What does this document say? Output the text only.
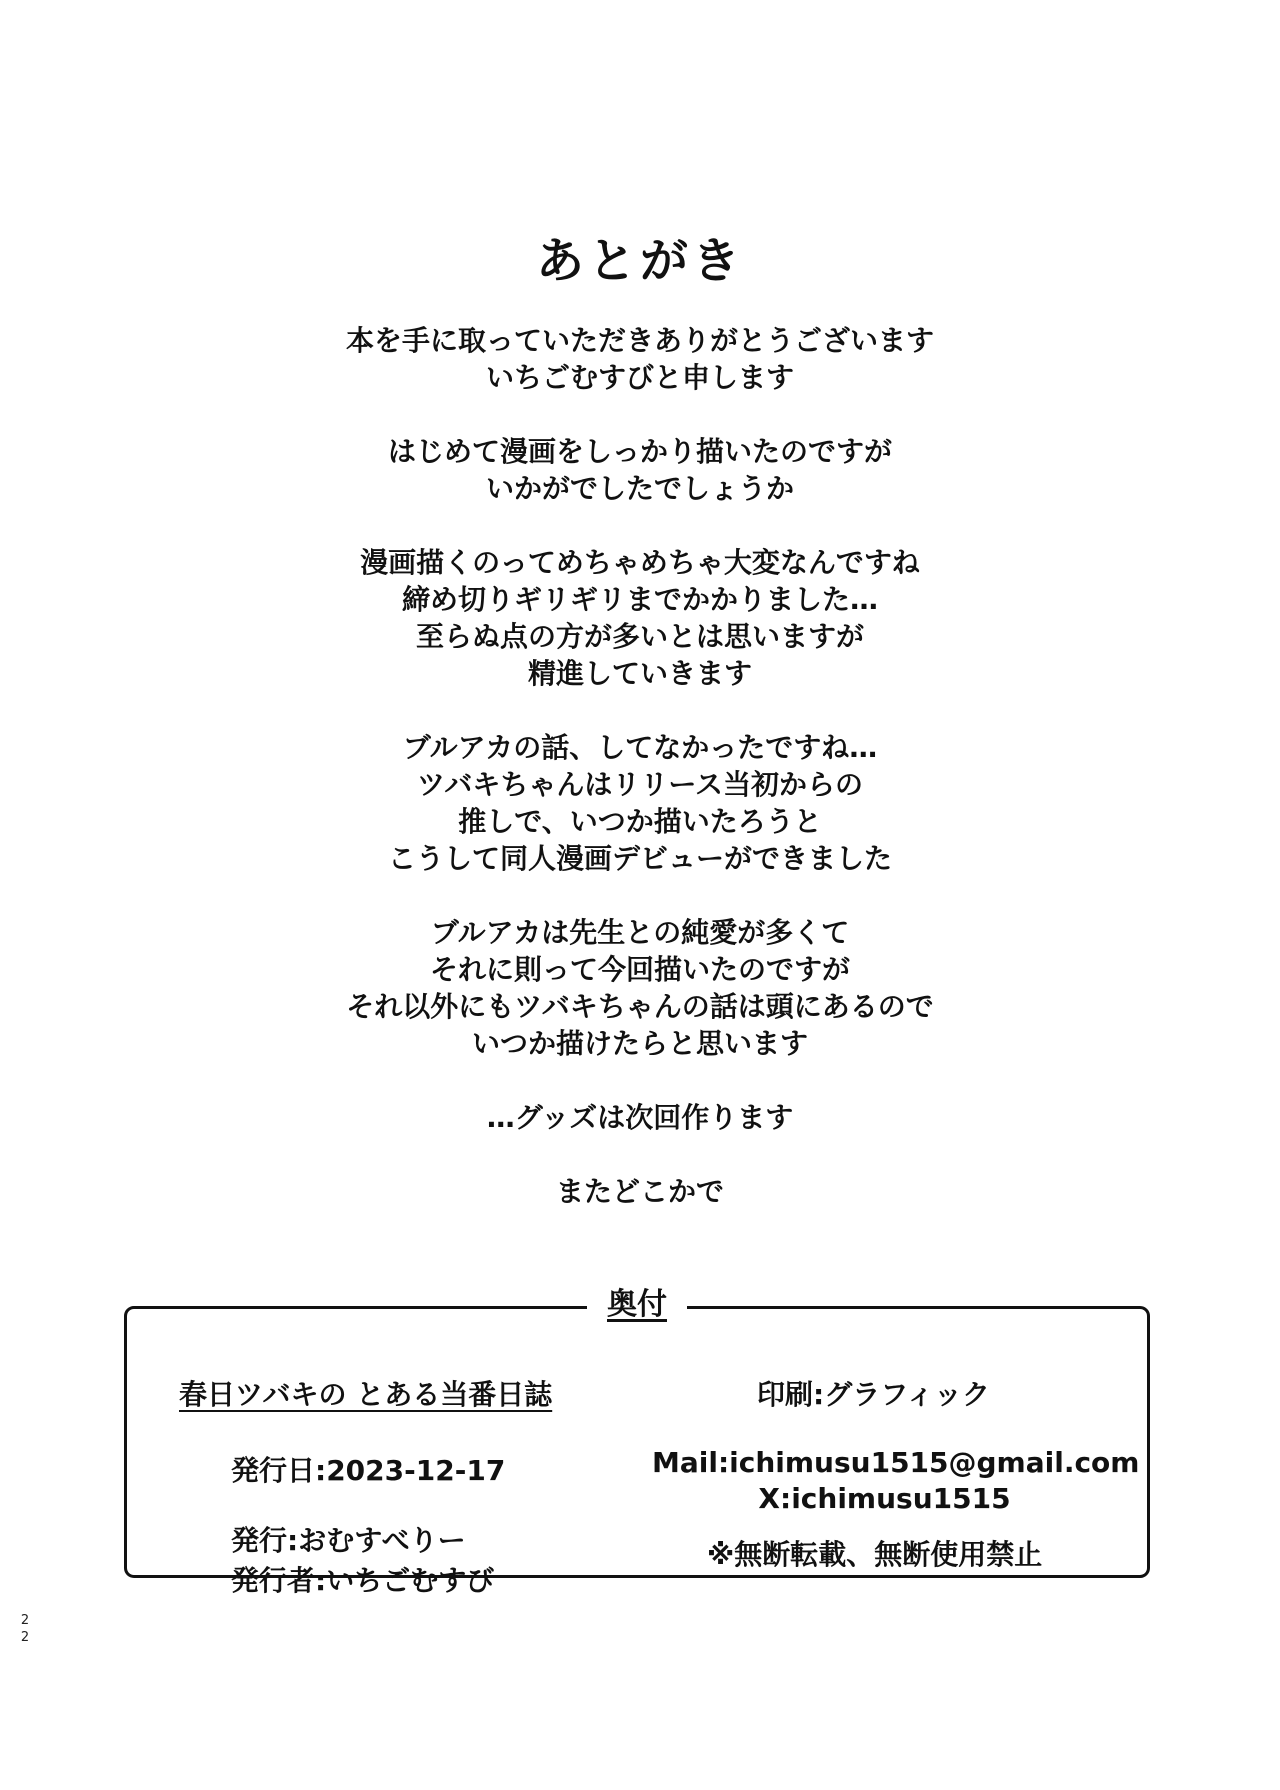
あとがき
本を手に取っていただきありがとうございます
いちごむすびと申します
はじめて漫画をしっかり描いたのですが
いかがでしたでしょうか
漫画描くのってめちゃめちゃ大変なんですね
締め切りギリギリまでかかりました…
至らぬ点の方が多いとは思いますが
精進していきます
ブルアカの話、してなかったですね…
ツバキちゃんはリリース当初からの
推しで、いつか描いたろうと
こうして同人漫画デビューができました
ブルアカは先生との純愛が多くて
それに則って今回描いたのですが
それ以外にもツバキちゃんの話は頭にあるので
いつか描けたらと思います
…グッズは次回作ります
またどこかで
奥付
春日ツバキの とある当番日誌
発行日:2023-12-17
発行:おむすべりー
発行者:いちごむすび
印刷:グラフィック
Mail:ichimusu1515@gmail.com
X:ichimusu1515
※無断転載、無断使用禁止
2
2
